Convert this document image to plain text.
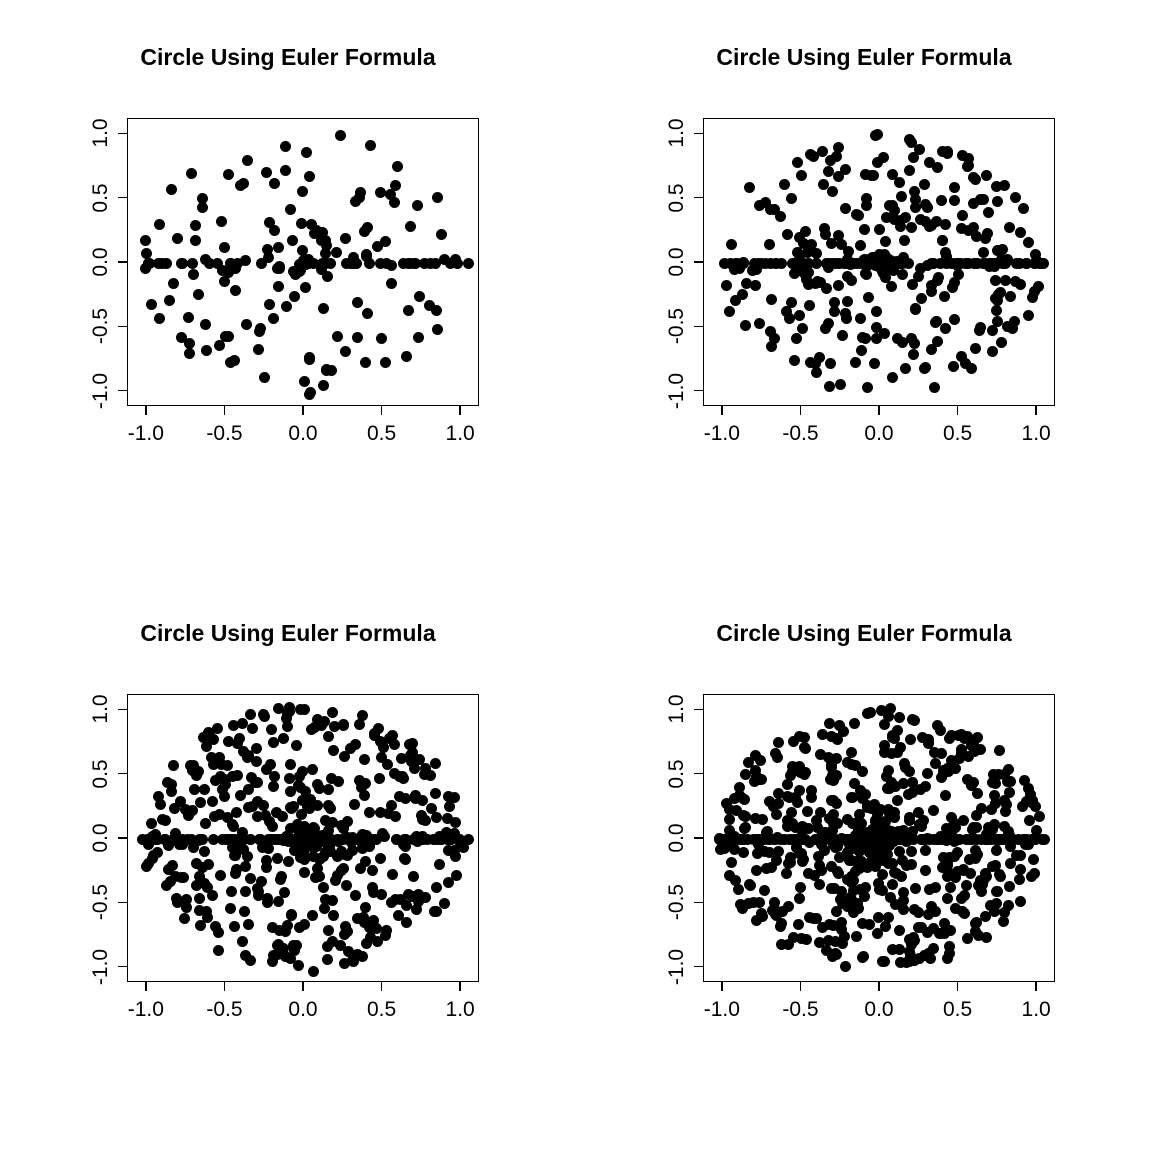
Circle Using Euler Formula
-1.0	-0.5	0.0	0.5	1.0
-1.0
-0.5
0.0
0.5
1.0
Circle Using Euler Formula
-1.0	-0.5	0.0	0.5	1.0
-1.0
-0.5
0.0
0.5
1.0
Circle Using Euler Formula
-1.0	-0.5	0.0	0.5	1.0
-1.0
-0.5
0.0
0.5
1.0
Circle Using Euler Formula
-1.0	-0.5	0.0	0.5	1.0
-1.0
-0.5
0.0
0.5
1.0
